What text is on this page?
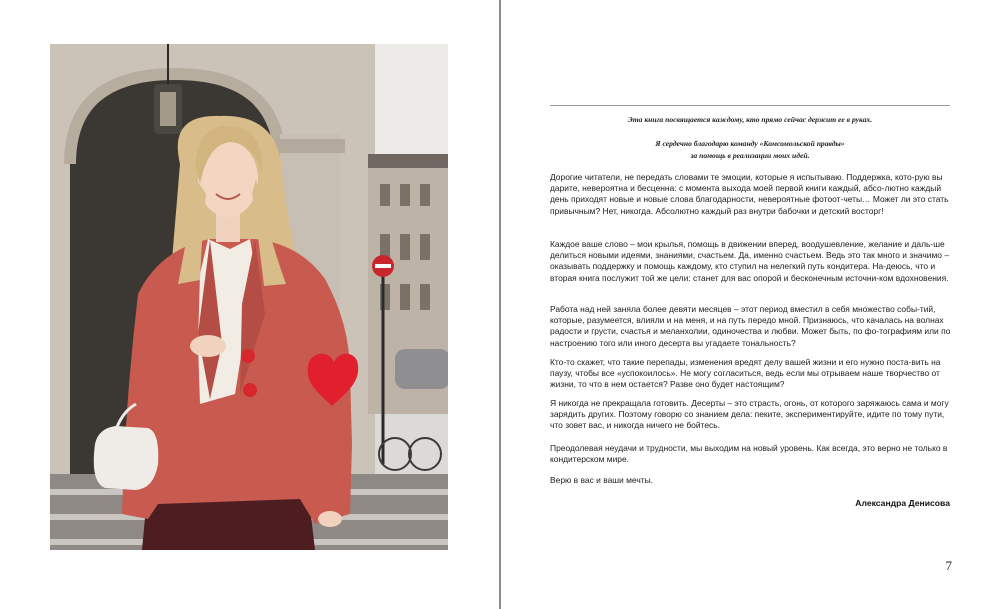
Эта книга посвящается каждому, кто прямо сейчас держит ее в руках.
Я сердечно благодарю команду «Комсомольской правды»
за помощь в реализации моих идей.

Дорогие читатели, не передать словами те эмоции, которые я испытываю. Поддержка, кото-рую вы дарите, невероятна и бесценна: с момента выхода моей первой книги каждый, абсо-лютно каждый день приходят новые и новые слова благодарности, невероятные фотоот-четы… Может ли это стать привычным? Нет, никогда. Абсолютно каждый раз внутри бабочки и детский восторг!

Каждое ваше слово – мои крылья, помощь в движении вперед, воодушевление, желание и даль-ше делиться новыми идеями, знаниями, счастьем. Да, именно счастьем. Ведь это так много и значимо – оказывать поддержку и помощь каждому, кто ступил на нелегкий путь кондитера. На-деюсь, что и вторая книга послужит той же цели: станет для вас опорой и бесконечным источни-ком вдохновения.

Работа над ней заняла более девяти месяцев – этот период вместил в себя множество собы-тий, которые, разумеется, влияли и на меня, и на путь передо мной. Признаюсь, что качалась на волнах радости и грусти, счастья и меланхолии, одиночества и любви. Может быть, по фо-тографиям или по настроению того или иного десерта вы угадаете тональность?

Кто-то скажет, что такие перепады, изменения вредят делу вашей жизни и его нужно поста-вить на паузу, чтобы все «успокоилось». Не могу согласиться, ведь если мы отрываем наше творчество от жизни, то что в нем остается? Разве оно будет настоящим?

Я никогда не прекращала готовить. Десерты – это страсть, огонь, от которого заряжаюсь сама и могу зарядить других. Поэтому говорю со знанием дела: пеките, экспериментируйте, идите по тому пути, что зовет вас, и никогда ничего не бойтесь.

Преодолевая неудачи и трудности, мы выходим на новый уровень. Как всегда, это верно не только в кондитерском мире.

Верю в вас и ваши мечты.

Александра Денисова
7
